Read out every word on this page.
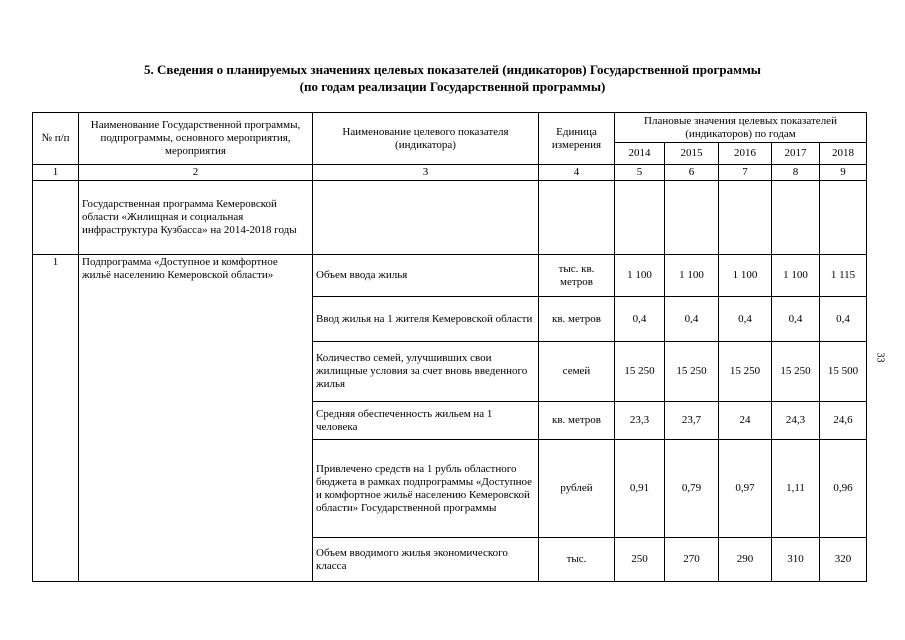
5. Сведения о планируемых значениях целевых показателей (индикаторов) Государственной программы
(по годам реализации Государственной программы)
33
№ п/п	Наименование Государственной программы, подпрограммы, основного мероприятия, мероприятия	Наименование целевого показателя (индикатора)	Единица измерения	Плановые значения целевых показателей (индикаторов) по годам				
				2014	2015	2016	2017	2018
1	2	3	4	5	6	7	8	9
	Государственная программа Кемеровской области «Жилищная и социальная инфраструктура Кузбасса» на 2014-2018 годы							
1	Подпрограмма «Доступное и комфортное жильё населению Кемеровской области»	Объем ввода жилья	тыс. кв. метров	1 100	1 100	1 100	1 100	1 115
		Ввод жилья на 1 жителя Кемеровской области	кв. метров	0,4	0,4	0,4	0,4	0,4
		Количество семей, улучшивших свои жилищные условия за счет вновь введенного жилья	семей	15 250	15 250	15 250	15 250	15 500
		Средняя обеспеченность жильем на 1 человека	кв. метров	23,3	23,7	24	24,3	24,6
		Привлечено средств на 1 рубль областного бюджета в рамках подпрограммы «Доступное и комфортное жильё населению Кемеровской области» Государственной программы	рублей	0,91	0,79	0,97	1,11	0,96
		Объем вводимого жилья экономического класса	тыс.	250	270	290	310	320
